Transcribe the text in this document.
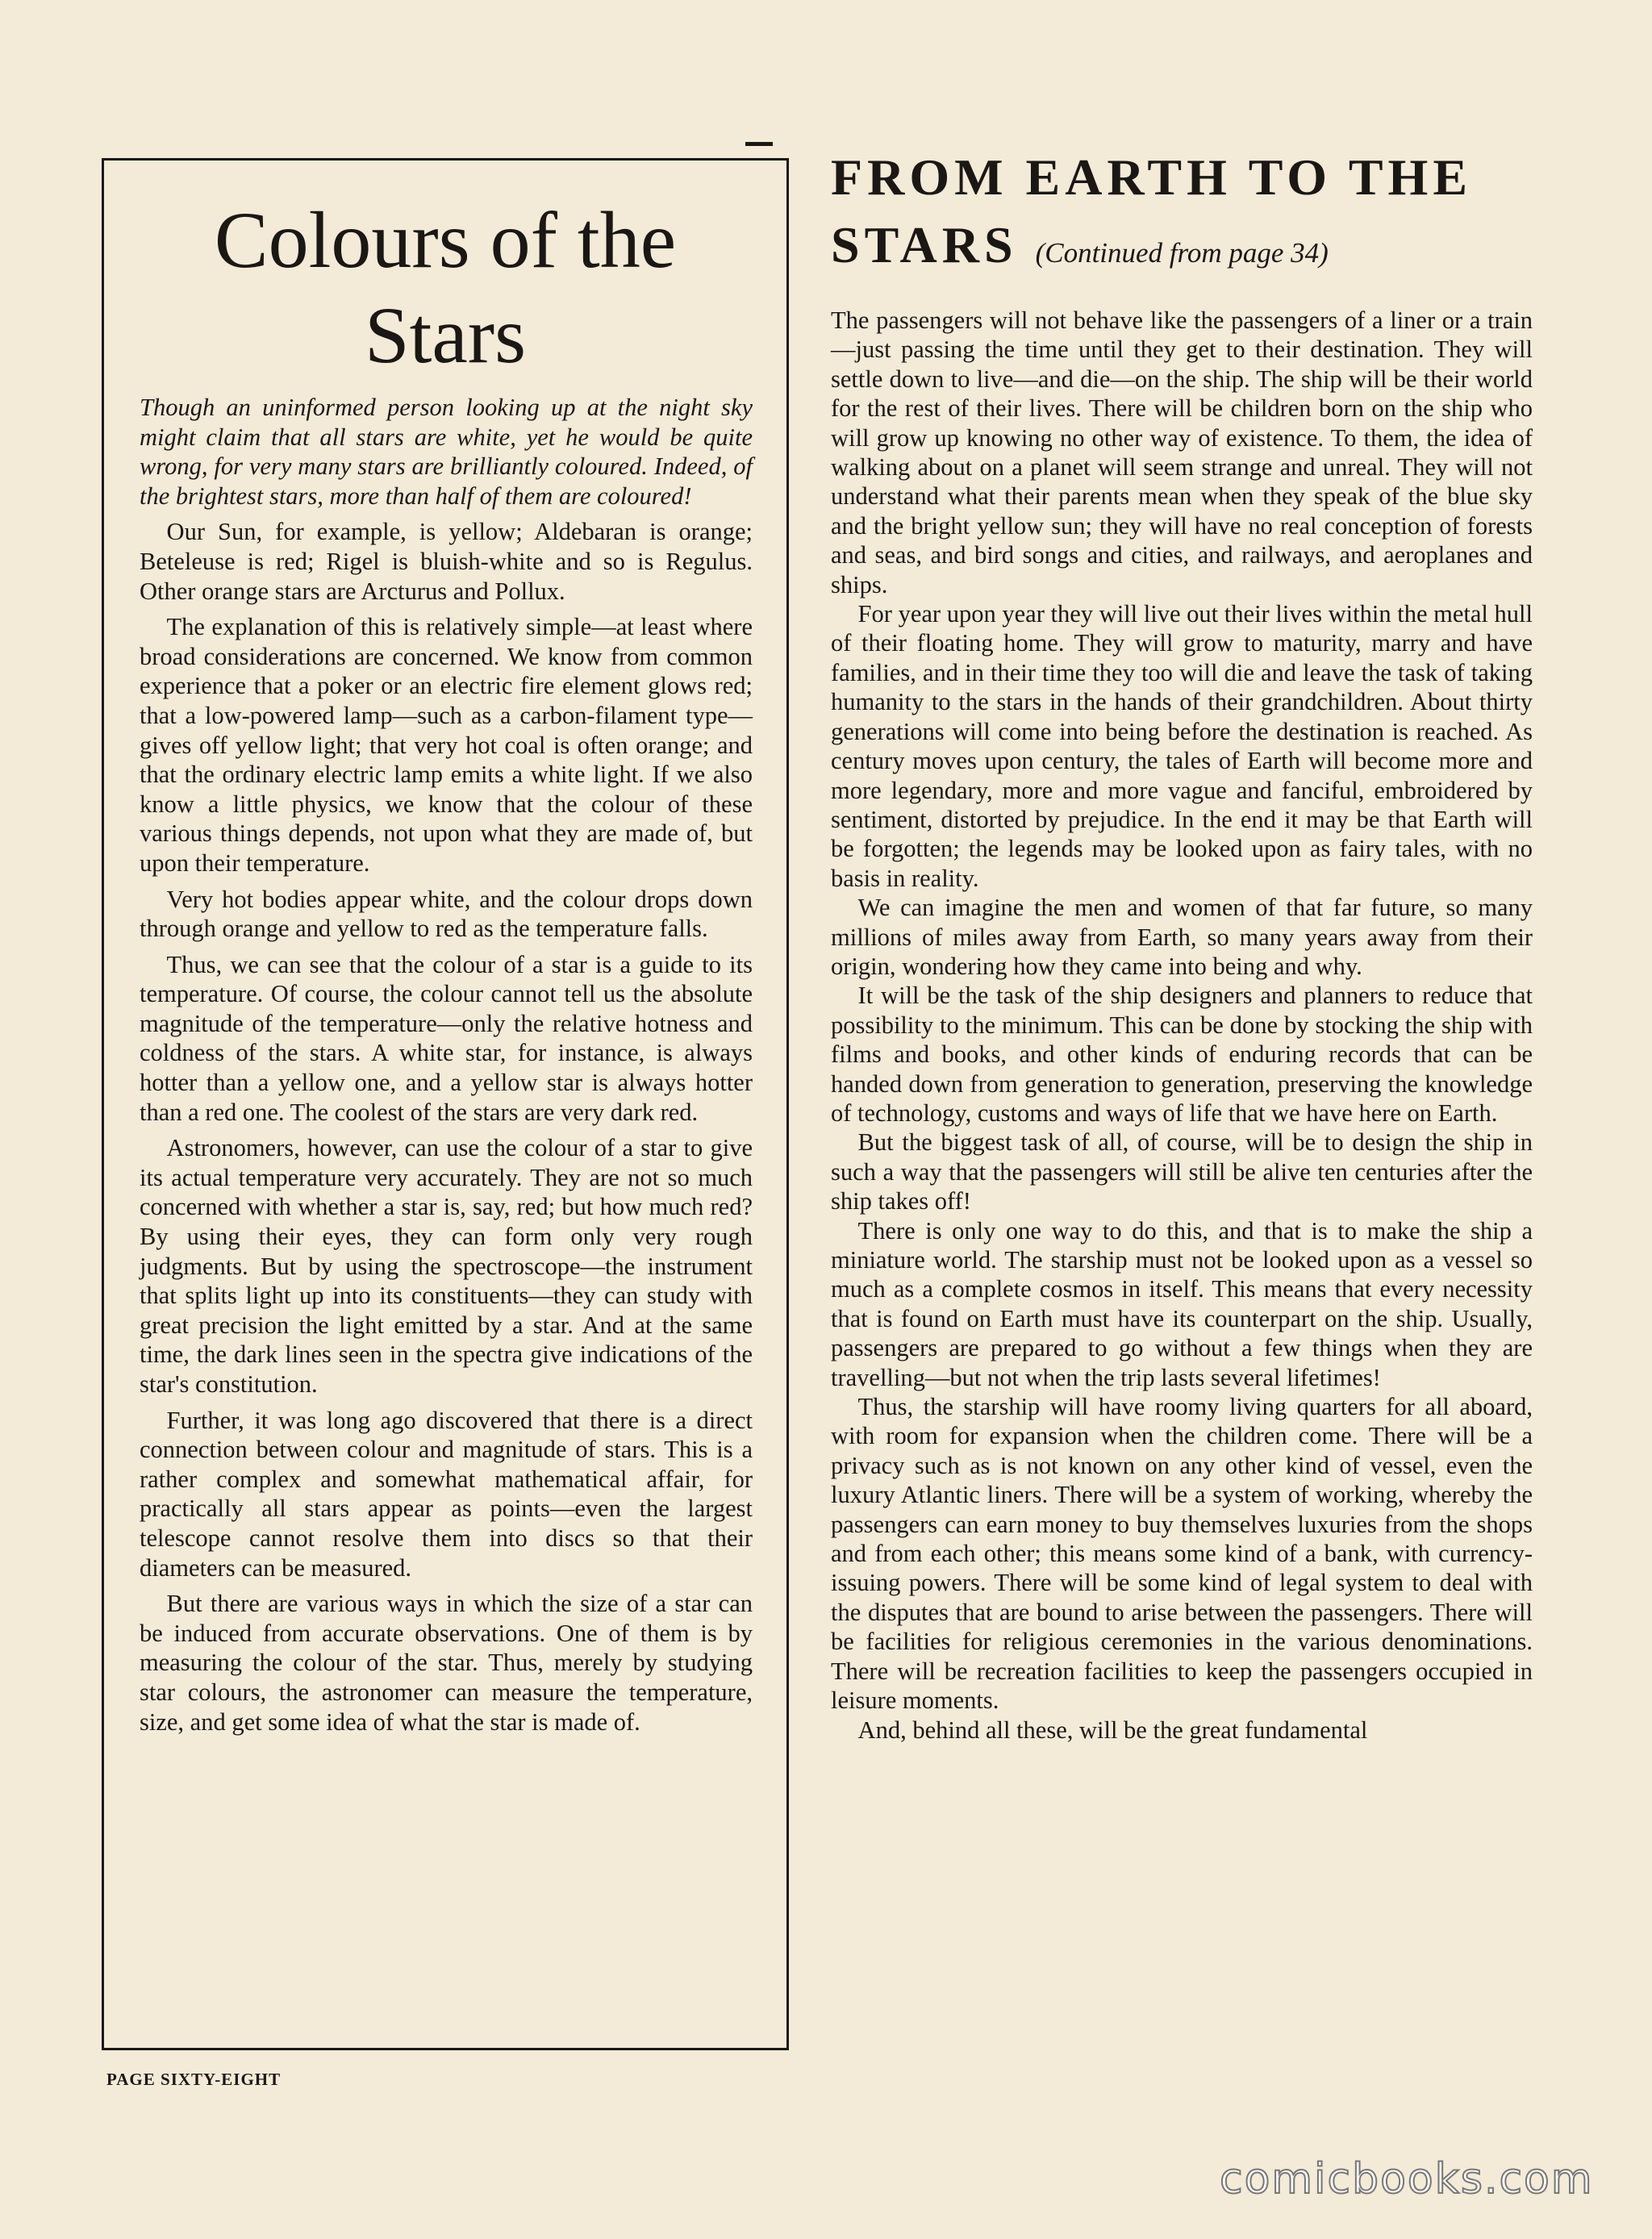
Colours of the Stars

Though an uninformed person looking up at the night sky might claim that all stars are white, yet he would be quite wrong, for very many stars are brilliantly coloured. Indeed, of the brightest stars, more than half of them are coloured!

Our Sun, for example, is yellow; Aldebaran is orange; Beteleuse is red; Rigel is bluish-white and so is Regulus. Other orange stars are Arcturus and Pollux.

The explanation of this is relatively simple—at least where broad considerations are concerned. We know from common experience that a poker or an electric fire element glows red; that a low-powered lamp—such as a carbon-filament type—gives off yellow light; that very hot coal is often orange; and that the ordinary electric lamp emits a white light. If we also know a little physics, we know that the colour of these various things depends, not upon what they are made of, but upon their temperature.

Very hot bodies appear white, and the colour drops down through orange and yellow to red as the temperature falls.

Thus, we can see that the colour of a star is a guide to its temperature. Of course, the colour cannot tell us the absolute magnitude of the temperature—only the relative hotness and coldness of the stars. A white star, for instance, is always hotter than a yellow one, and a yellow star is always hotter than a red one. The coolest of the stars are very dark red.

Astronomers, however, can use the colour of a star to give its actual temperature very accurately. They are not so much concerned with whether a star is, say, red; but how much red? By using their eyes, they can form only very rough judgments. But by using the spectroscope—the instrument that splits light up into its constituents—they can study with great precision the light emitted by a star. And at the same time, the dark lines seen in the spectra give indications of the star's constitution.

Further, it was long ago discovered that there is a direct connection between colour and magnitude of stars. This is a rather complex and somewhat mathematical affair, for practically all stars appear as points—even the largest telescope cannot resolve them into discs so that their diameters can be measured.

But there are various ways in which the size of a star can be induced from accurate observations. One of them is by measuring the colour of the star. Thus, merely by studying star colours, the astronomer can measure the temperature, size, and get some idea of what the star is made of.

FROM EARTH TO THE
STARS (Continued from page 34)

The passengers will not behave like the passengers of a liner or a train—just passing the time until they get to their destination. They will settle down to live—and die—on the ship. The ship will be their world for the rest of their lives. There will be children born on the ship who will grow up knowing no other way of existence. To them, the idea of walking about on a planet will seem strange and unreal. They will not understand what their parents mean when they speak of the blue sky and the bright yellow sun; they will have no real conception of forests and seas, and bird songs and cities, and railways, and aeroplanes and ships.

For year upon year they will live out their lives within the metal hull of their floating home. They will grow to maturity, marry and have families, and in their time they too will die and leave the task of taking humanity to the stars in the hands of their grandchildren. About thirty generations will come into being before the destination is reached. As century moves upon century, the tales of Earth will become more and more legendary, more and more vague and fanciful, embroidered by sentiment, distorted by prejudice. In the end it may be that Earth will be forgotten; the legends may be looked upon as fairy tales, with no basis in reality.

We can imagine the men and women of that far future, so many millions of miles away from Earth, so many years away from their origin, wondering how they came into being and why.

It will be the task of the ship designers and planners to reduce that possibility to the minimum. This can be done by stocking the ship with films and books, and other kinds of enduring records that can be handed down from generation to generation, preserving the knowledge of technology, customs and ways of life that we have here on Earth.

But the biggest task of all, of course, will be to design the ship in such a way that the passengers will still be alive ten centuries after the ship takes off!

There is only one way to do this, and that is to make the ship a miniature world. The starship must not be looked upon as a vessel so much as a complete cosmos in itself. This means that every necessity that is found on Earth must have its counterpart on the ship. Usually, passengers are prepared to go without a few things when they are travelling—but not when the trip lasts several lifetimes!

Thus, the starship will have roomy living quarters for all aboard, with room for expansion when the children come. There will be a privacy such as is not known on any other kind of vessel, even the luxury Atlantic liners. There will be a system of working, whereby the passengers can earn money to buy themselves luxuries from the shops and from each other; this means some kind of a bank, with currency-issuing powers. There will be some kind of legal system to deal with the disputes that are bound to arise between the passengers. There will be facilities for religious ceremonies in the various denominations. There will be recreation facilities to keep the passengers occupied in leisure moments.

And, behind all these, will be the great fundamental

PAGE SIXTY-EIGHT
comicbooks.com
